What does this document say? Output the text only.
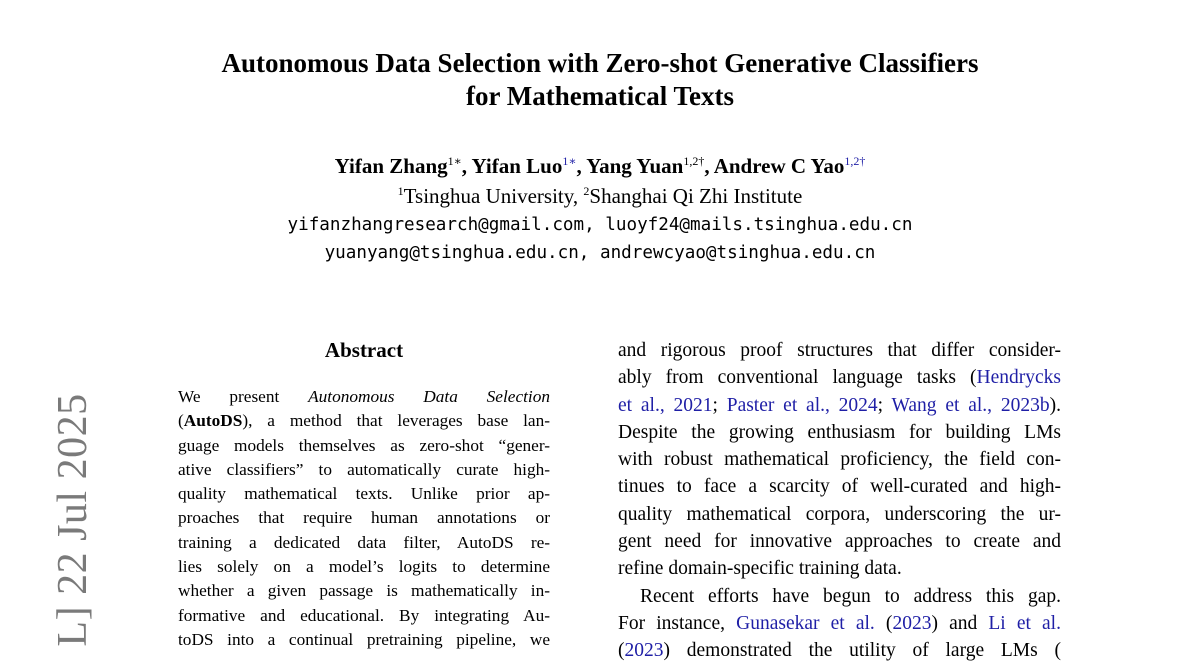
Autonomous Data Selection with Zero-shot Generative Classifiers
for Mathematical Texts
Yifan Zhang$^{1∗}$, Yifan Luo$^{1∗}$, Yang Yuan$^{1,2\dagger}$, Andrew C Yao$^{1,2\dagger}$
$^1$Tsinghua University, $^2$Shanghai Qi Zhi Institute
yifanzhangresearch@gmail.com, luoyf24@mails.tsinghua.edu.cn
yuanyang@tsinghua.edu.cn, andrewcyao@tsinghua.edu.cn
Abstract
We present Autonomous Data Selection
(AutoDS), a method that leverages base lan-
guage models themselves as zero-shot “gener-
ative classifiers” to automatically curate high-
quality mathematical texts. Unlike prior ap-
proaches that require human annotations or
training a dedicated data filter, AutoDS re-
lies solely on a model’s logits to determine
whether a given passage is mathematically in-
formative and educational. By integrating Au-
toDS into a continual pretraining pipeline, we
and rigorous proof structures that differ consider-
ably from conventional language tasks (Hendrycks
et al., 2021; Paster et al., 2024; Wang et al., 2023b).
Despite the growing enthusiasm for building LMs
with robust mathematical proficiency, the field con-
tinues to face a scarcity of well-curated and high-
quality mathematical corpora, underscoring the ur-
gent need for innovative approaches to create and
refine domain-specific training data.
Recent efforts have begun to address this gap.
For instance, Gunasekar et al. (2023) and Li et al.
(2023) demonstrated the utility of large LMs (
L] 22 Jul 2025
